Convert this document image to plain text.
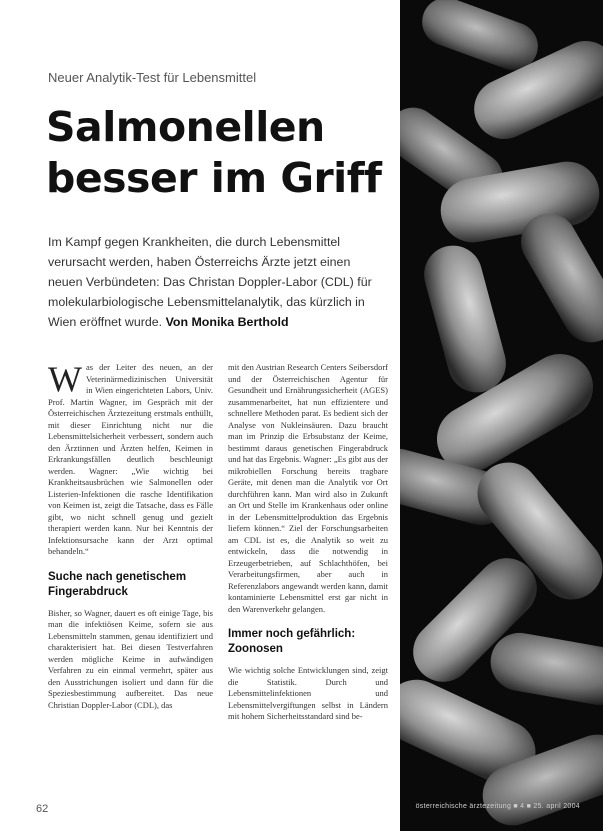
Neuer Analytik-Test für Lebensmittel
Salmonellen
besser im Griff
Im Kampf gegen Krankheiten, die durch Lebensmittel verursacht werden, haben Österreichs Ärzte jetzt einen neuen Verbündeten: Das Christan Doppler-Labor (CDL) für molekularbiologische Lebensmittelanalytik, das kürzlich in Wien eröffnet wurde. Von Monika Berthold

Was der Leiter des neuen, an der Veterinärmedizinischen Universität in Wien eingerichteten Labors, Univ. Prof. Martin Wagner, im Gespräch mit der Österreichischen Ärztezeitung erstmals enthüllt, mit dieser Einrichtung nicht nur die Lebensmittelsicherheit verbessert, sondern auch den Ärztinnen und Ärzten helfen, Keimen in Erkrankungsfällen deutlich beschleunigt werden. Wagner: „Wie wichtig bei Krankheitsausbrüchen wie Salmonellen oder Listerien-Infektionen die rasche Identifikation von Keimen ist, zeigt die Tatsache, dass es Fälle gibt, wo nicht schnell genug und gezielt therapiert werden kann. Nur bei Kenntnis der Infektionsursache kann der Arzt optimal behandeln.“

Suche nach genetischem Fingerabdruck

Bisher, so Wagner, dauert es oft einige Tage, bis man die infektiösen Keime, sofern sie aus Lebensmitteln stammen, genau identifiziert und charakterisiert hat. Bei diesen Testverfahren werden mögliche Keime in aufwändigen Verfahren zu ein einmal vermehrt, später aus den Ausstrichungen isoliert und dann für die Speziesbestimmung aufbereitet. Das neue Christian Doppler-Labor (CDL), das

mit den Austrian Research Centers Seibersdorf und der Österreichischen Agentur für Gesundheit und Ernährungssicherheit (AGES) zusammenarbeitet, hat nun effizientere und schnellere Methoden parat. Es bedient sich der Analyse von Nukleinsäuren. Dazu braucht man im Prinzip die Erbsubstanz der Keime, bestimmt daraus genetischen Fingerabdruck und hat das Ergebnis. Wagner: „Es gibt aus der mikrobiellen Forschung bereits tragbare Geräte, mit denen man die Analytik vor Ort durchführen kann. Man wird also in Zukunft an Ort und Stelle im Krankenhaus oder online in der Lebensmittelproduktion das Ergebnis liefern können.“ Ziel der Forschungsarbeiten am CDL ist es, die Analytik so weit zu entwickeln, dass die notwendig in Erzeugerbetrieben, auf Schlachthöfen, bei Verarbeitungsfirmen, aber auch in Referenzlabors angewandt werden kann, damit kontaminierte Lebensmittel erst gar nicht in den Warenverkehr gelangen.

Immer noch gefährlich: Zoonosen

Wie wichtig solche Entwicklungen sind, zeigt die Statistik. Durch und Lebensmittelinfektionen und Lebensmittelvergiftungen selbst in Ländern mit hohem Sicherheitsstandard sind be-

62	österreichische ärztezeitung ■ 4 ■ 25. april 2004
